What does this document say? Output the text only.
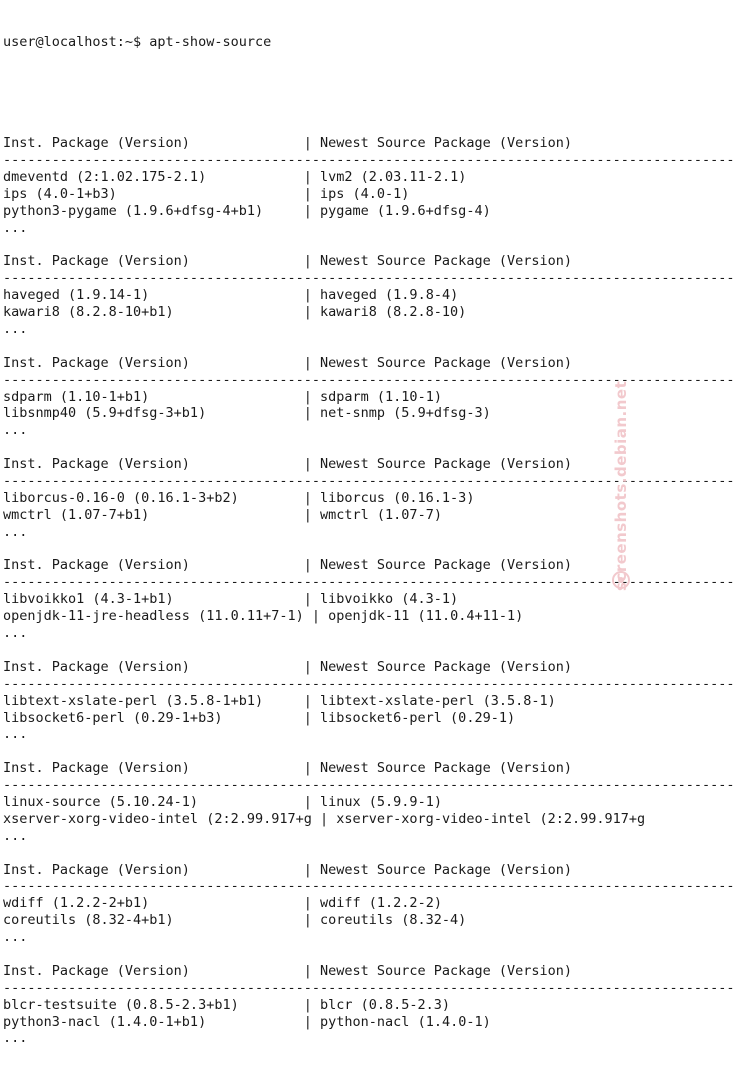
user@localhost:~$ apt-show-source

Inst. Package (Version)	| Newest Source Package (Version)
------------------------------------------------------------------------------------------
dmeventd (2:1.02.175-2.1)	| lvm2 (2.03.11-2.1)
ips (4.0-1+b3)	| ips (4.0-1)
python3-pygame (1.9.6+dfsg-4+b1)	| pygame (1.9.6+dfsg-4)
...
Inst. Package (Version)	| Newest Source Package (Version)
------------------------------------------------------------------------------------------
haveged (1.9.14-1)	| haveged (1.9.8-4)
kawari8 (8.2.8-10+b1)	| kawari8 (8.2.8-10)
...
Inst. Package (Version)	| Newest Source Package (Version)
------------------------------------------------------------------------------------------
sdparm (1.10-1+b1)	| sdparm (1.10-1)
libsnmp40 (5.9+dfsg-3+b1)	| net-snmp (5.9+dfsg-3)
...
Inst. Package (Version)	| Newest Source Package (Version)
------------------------------------------------------------------------------------------
liborcus-0.16-0 (0.16.1-3+b2)	| liborcus (0.16.1-3)
wmctrl (1.07-7+b1)	| wmctrl (1.07-7)
...
Inst. Package (Version)	| Newest Source Package (Version)
------------------------------------------------------------------------------------------
libvoikko1 (4.3-1+b1)	| libvoikko (4.3-1)
openjdk-11-jre-headless (11.0.11+7-1) | openjdk-11 (11.0.4+11-1)
...
Inst. Package (Version)	| Newest Source Package (Version)
------------------------------------------------------------------------------------------
libtext-xslate-perl (3.5.8-1+b1)	| libtext-xslate-perl (3.5.8-1)
libsocket6-perl (0.29-1+b3)	| libsocket6-perl (0.29-1)
...
Inst. Package (Version)	| Newest Source Package (Version)
------------------------------------------------------------------------------------------
linux-source (5.10.24-1)	| linux (5.9.9-1)
xserver-xorg-video-intel (2:2.99.917+g | xserver-xorg-video-intel (2:2.99.917+g
...
Inst. Package (Version)	| Newest Source Package (Version)
------------------------------------------------------------------------------------------
wdiff (1.2.2-2+b1)	| wdiff (1.2.2-2)
coreutils (8.32-4+b1)	| coreutils (8.32-4)
...
Inst. Package (Version)	| Newest Source Package (Version)
------------------------------------------------------------------------------------------
blcr-testsuite (0.8.5-2.3+b1)	| blcr (0.8.5-2.3)
python3-nacl (1.4.0-1+b1)	| python-nacl (1.4.0-1)
...

screenshots.debian.net
